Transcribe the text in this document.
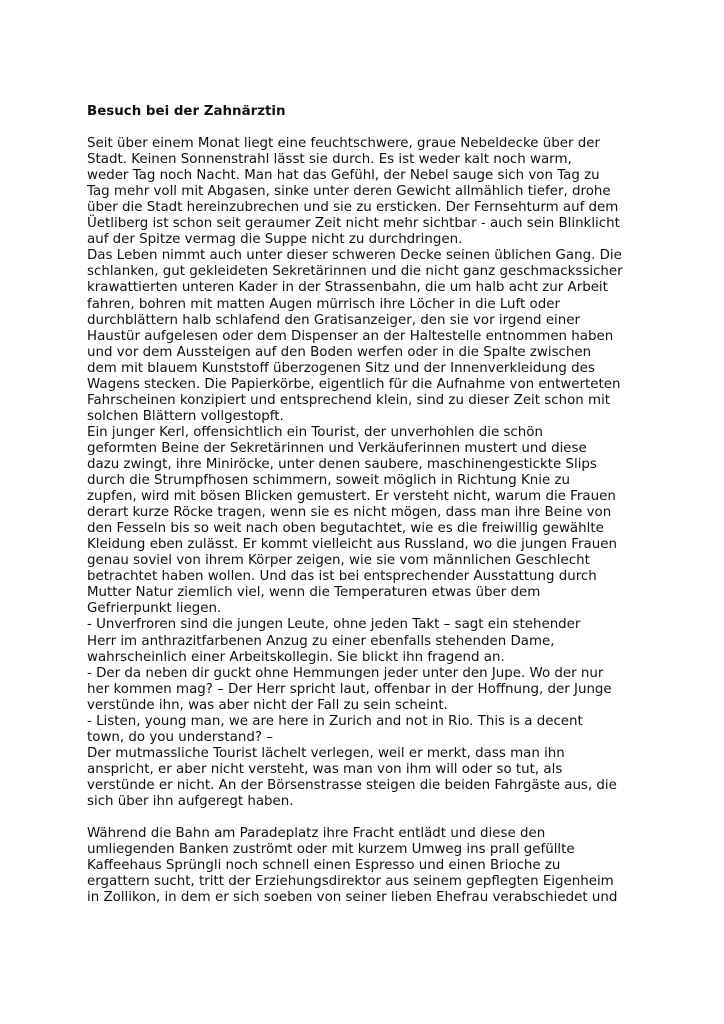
Besuch bei der Zahnärztin
Seit über einem Monat liegt eine feuchtschwere, graue Nebeldecke über der
Stadt. Keinen Sonnenstrahl lässt sie durch. Es ist weder kalt noch warm,
weder Tag noch Nacht. Man hat das Gefühl, der Nebel sauge sich von Tag zu
Tag mehr voll mit Abgasen, sinke unter deren Gewicht allmählich tiefer, drohe
über die Stadt hereinzubrechen und sie zu ersticken. Der Fernsehturm auf dem
Üetliberg ist schon seit geraumer Zeit nicht mehr sichtbar - auch sein Blinklicht
auf der Spitze vermag die Suppe nicht zu durchdringen.
Das Leben nimmt auch unter dieser schweren Decke seinen üblichen Gang. Die
schlanken, gut gekleideten Sekretärinnen und die nicht ganz geschmackssicher
krawattierten unteren Kader in der Strassenbahn, die um halb acht zur Arbeit
fahren, bohren mit matten Augen mürrisch ihre Löcher in die Luft oder
durchblättern halb schlafend den Gratisanzeiger, den sie vor irgend einer
Haustür aufgelesen oder dem Dispenser an der Haltestelle entnommen haben
und vor dem Aussteigen auf den Boden werfen oder in die Spalte zwischen
dem mit blauem Kunststoff überzogenen Sitz und der Innenverkleidung des
Wagens stecken. Die Papierkörbe, eigentlich für die Aufnahme von entwerteten
Fahrscheinen konzipiert und entsprechend klein, sind zu dieser Zeit schon mit
solchen Blättern vollgestopft.
Ein junger Kerl, offensichtlich ein Tourist, der unverhohlen die schön
geformten Beine der Sekretärinnen und Verkäuferinnen mustert und diese
dazu zwingt, ihre Miniröcke, unter denen saubere, maschinengestickte Slips
durch die Strumpfhosen schimmern, soweit möglich in Richtung Knie zu
zupfen, wird mit bösen Blicken gemustert. Er versteht nicht, warum die Frauen
derart kurze Röcke tragen, wenn sie es nicht mögen, dass man ihre Beine von
den Fesseln bis so weit nach oben begutachtet, wie es die freiwillig gewählte
Kleidung eben zulässt. Er kommt vielleicht aus Russland, wo die jungen Frauen
genau soviel von ihrem Körper zeigen, wie sie vom männlichen Geschlecht
betrachtet haben wollen. Und das ist bei entsprechender Ausstattung durch
Mutter Natur ziemlich viel, wenn die Temperaturen etwas über dem
Gefrierpunkt liegen.
- Unverfroren sind die jungen Leute, ohne jeden Takt – sagt ein stehender
Herr im anthrazitfarbenen Anzug zu einer ebenfalls stehenden Dame,
wahrscheinlich einer Arbeitskollegin. Sie blickt ihn fragend an.
- Der da neben dir guckt ohne Hemmungen jeder unter den Jupe. Wo der nur
her kommen mag? – Der Herr spricht laut, offenbar in der Hoffnung, der Junge
verstünde ihn, was aber nicht der Fall zu sein scheint.
- Listen, young man, we are here in Zurich and not in Rio. This is a decent
town, do you understand? –
Der mutmassliche Tourist lächelt verlegen, weil er merkt, dass man ihn
anspricht, er aber nicht versteht, was man von ihm will oder so tut, als
verstünde er nicht. An der Börsenstrasse steigen die beiden Fahrgäste aus, die
sich über ihn aufgeregt haben.
Während die Bahn am Paradeplatz ihre Fracht entlädt und diese den
umliegenden Banken zuströmt oder mit kurzem Umweg ins prall gefüllte
Kaffeehaus Sprüngli noch schnell einen Espresso und einen Brioche zu
ergattern sucht, tritt der Erziehungsdirektor aus seinem gepflegten Eigenheim
in Zollikon, in dem er sich soeben von seiner lieben Ehefrau verabschiedet und
